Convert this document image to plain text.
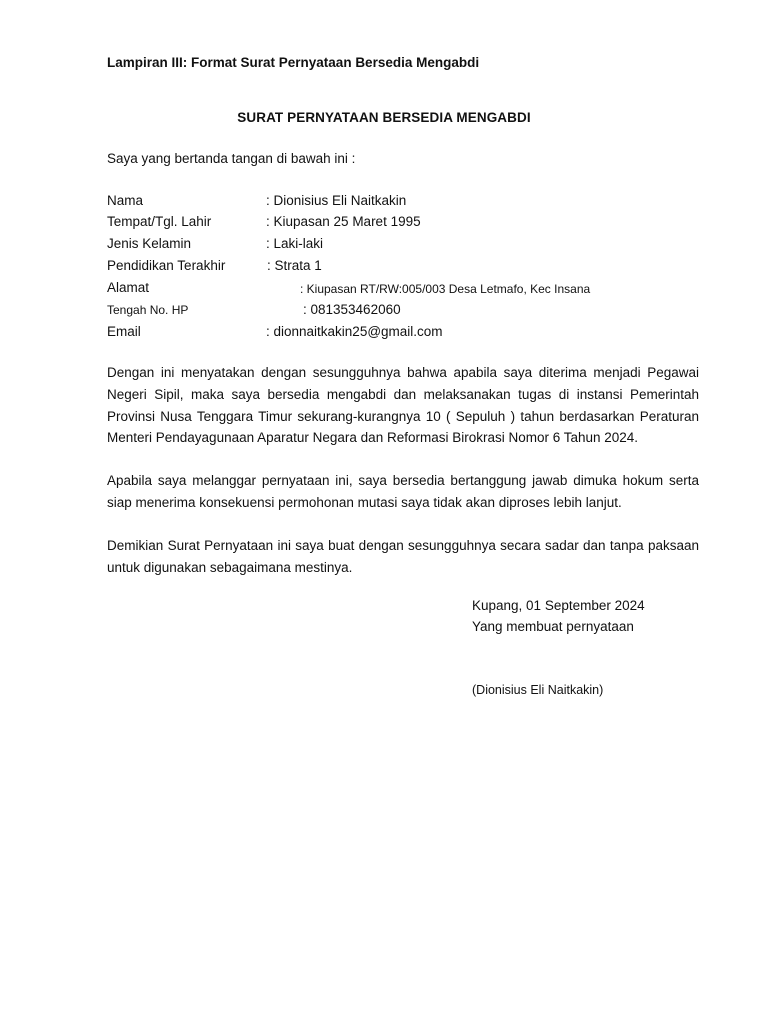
Lampiran III: Format Surat Pernyataan Bersedia Mengabdi
SURAT PERNYATAAN BERSEDIA MENGABDI
Saya yang bertanda tangan di bawah ini :
Nama	: Dionisius Eli Naitkakin
Tempat/Tgl. Lahir	: Kiupasan 25 Maret 1995
Jenis Kelamin	: Laki-laki
Pendidikan Terakhir	: Strata 1
Alamat	: Kiupasan RT/RW:005/003 Desa Letmafo, Kec Insana
Tengah No. HP	: 081353462060
Email	: dionnaitkakin25@gmail.com

Dengan ini menyatakan dengan sesungguhnya bahwa apabila saya diterima menjadi Pegawai Negeri Sipil, maka saya bersedia mengabdi dan melaksanakan tugas di instansi Pemerintah Provinsi Nusa Tenggara Timur sekurang-kurangnya 10 ( Sepuluh ) tahun berdasarkan Peraturan Menteri Pendayagunaan Aparatur Negara dan Reformasi Birokrasi Nomor 6 Tahun 2024.

Apabila saya melanggar pernyataan ini, saya bersedia bertanggung jawab dimuka hokum serta siap menerima konsekuensi permohonan mutasi saya tidak akan diproses lebih lanjut.

Demikian Surat Pernyataan ini saya buat dengan sesungguhnya secara sadar dan tanpa paksaan untuk digunakan sebagaimana mestinya.

Kupang, 01 September 2024
Yang membuat pernyataan
(Dionisius Eli Naitkakin)
